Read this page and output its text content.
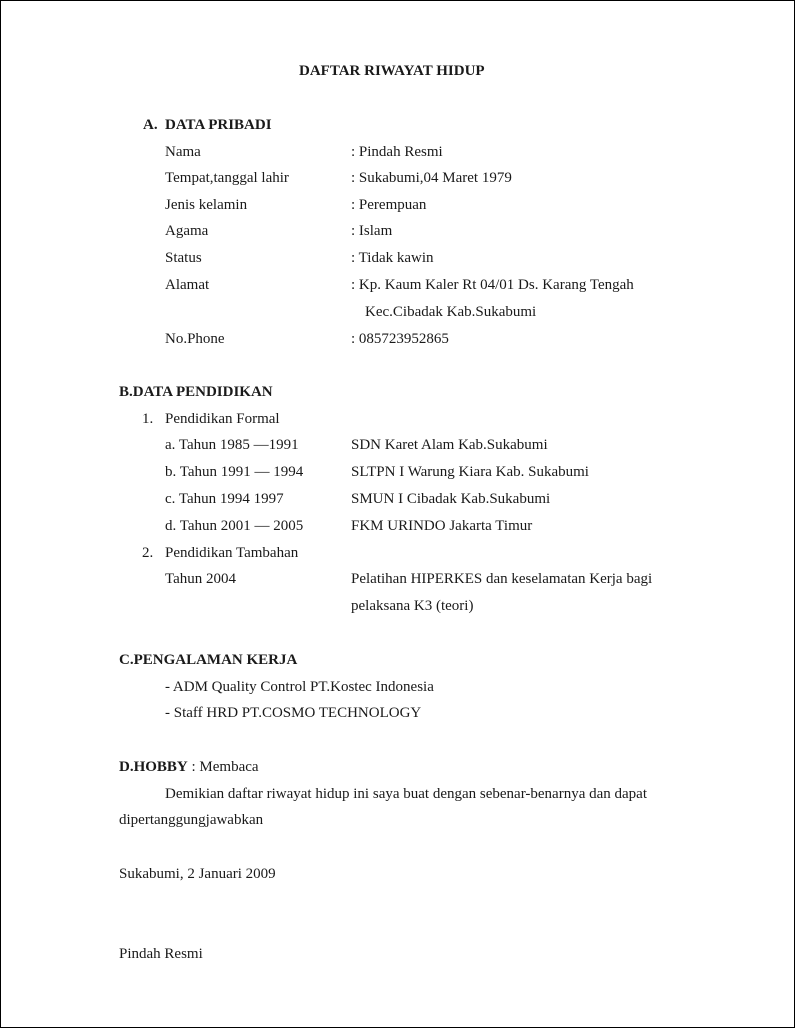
DAFTAR RIWAYAT HIDUP
A. DATA PRIBADI
Nama	: Pindah Resmi
Tempat,tanggal lahir	: Sukabumi,04 Maret 1979
Jenis kelamin	: Perempuan
Agama	: Islam
Status	: Tidak kawin
Alamat	: Kp. Kaum Kaler Rt 04/01 Ds. Karang Tengah
Kec.Cibadak Kab.Sukabumi
No.Phone	: 085723952865
B.DATA PENDIDIKAN
1. Pendidikan Formal
a. Tahun 1985 —1991	SDN Karet Alam Kab.Sukabumi
b. Tahun 1991 — 1994	SLTPN I Warung Kiara Kab. Sukabumi
c. Tahun 1994 1997	SMUN I Cibadak Kab.Sukabumi
d. Tahun 2001 — 2005	FKM URINDO Jakarta Timur
2. Pendidikan Tambahan
Tahun 2004	Pelatihan HIPERKES dan keselamatan Kerja bagi
pelaksana K3 (teori)
C.PENGALAMAN KERJA
- ADM Quality Control PT.Kostec Indonesia
- Staff HRD PT.COSMO TECHNOLOGY
D.HOBBY : Membaca
Demikian daftar riwayat hidup ini saya buat dengan sebenar-benarnya dan dapat
dipertanggungjawabkan
Sukabumi, 2 Januari 2009
Pindah Resmi
